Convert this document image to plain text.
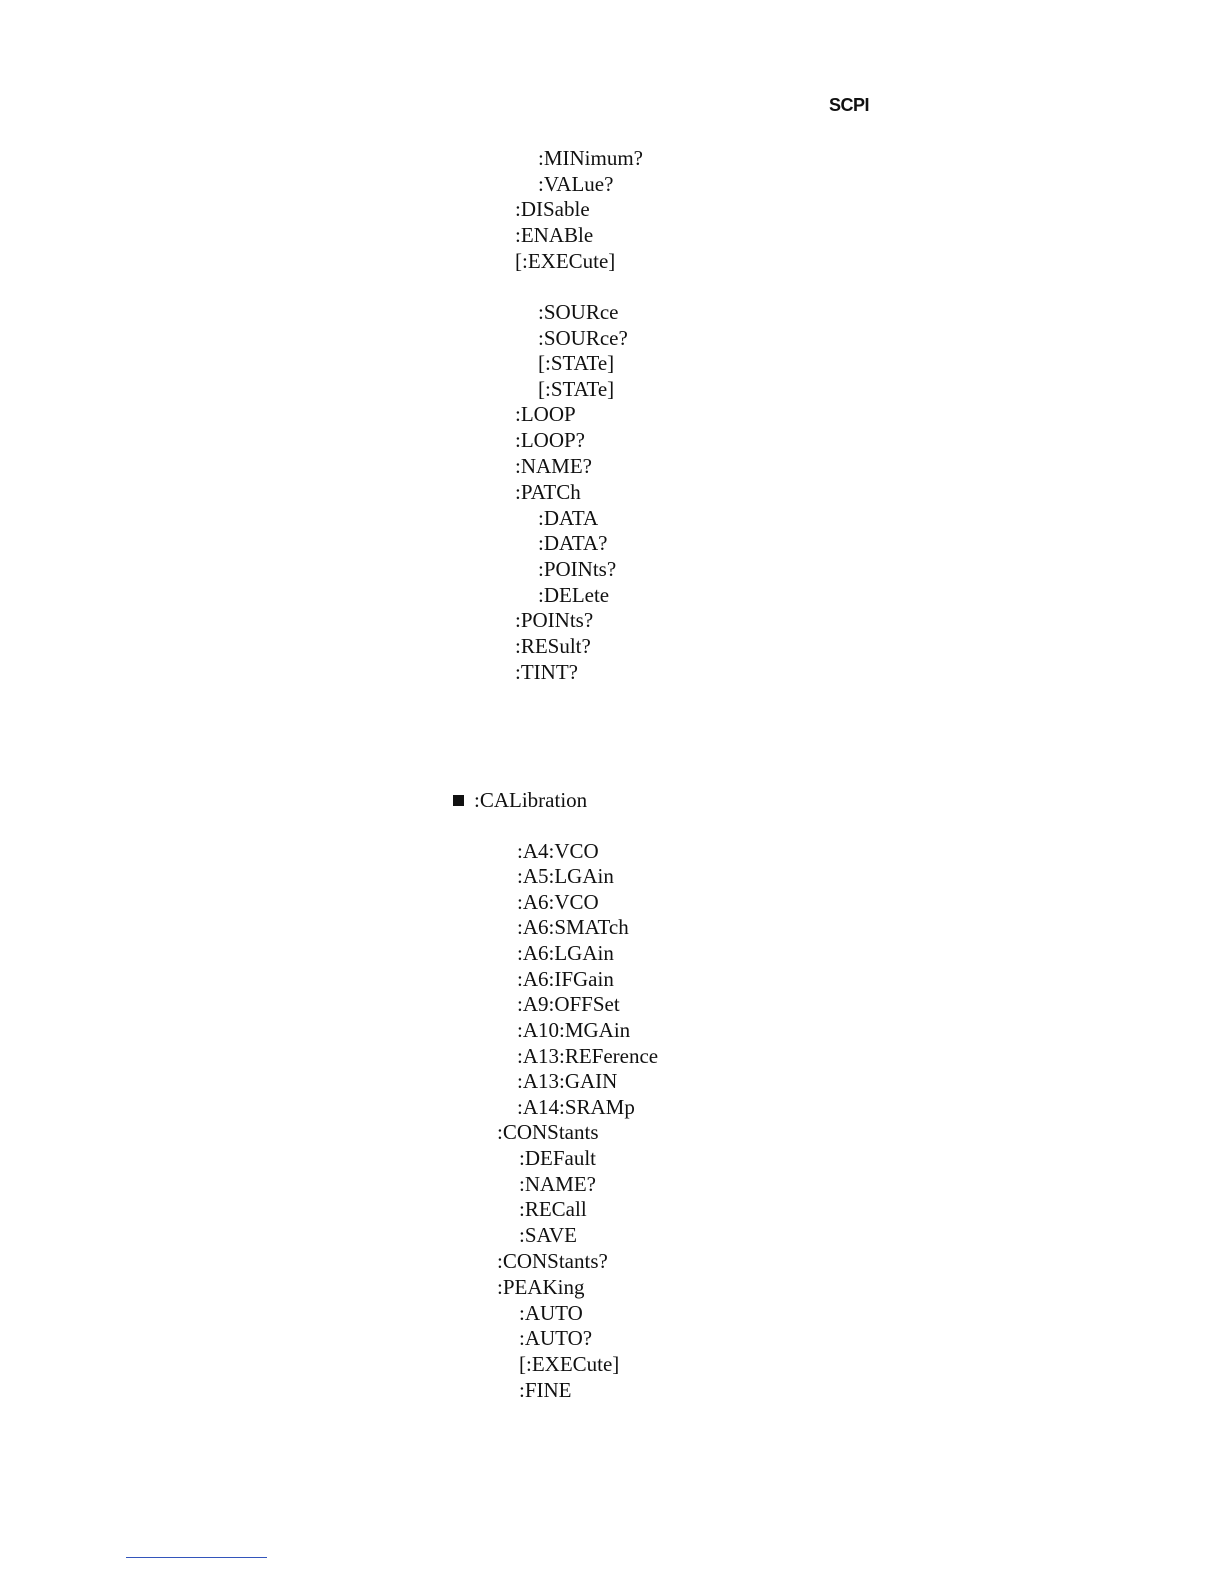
SCPI
:MINimum?
:VALue?
:DISable
:ENABle
[:EXECute]
:SOURce
:SOURce?
[:STATe]
[:STATe]
:LOOP
:LOOP?
:NAME?
:PATCh
:DATA
:DATA?
:POINts?
:DELete
:POINts?
:RESult?
:TINT?
:CALibration
:A4:VCO
:A5:LGAin
:A6:VCO
:A6:SMATch
:A6:LGAin
:A6:IFGain
:A9:OFFSet
:A10:MGAin
:A13:REFerence
:A13:GAIN
:A14:SRAMp
:CONStants
:DEFault
:NAME?
:RECall
:SAVE
:CONStants?
:PEAKing
:AUTO
:AUTO?
[:EXECute]
:FINE
